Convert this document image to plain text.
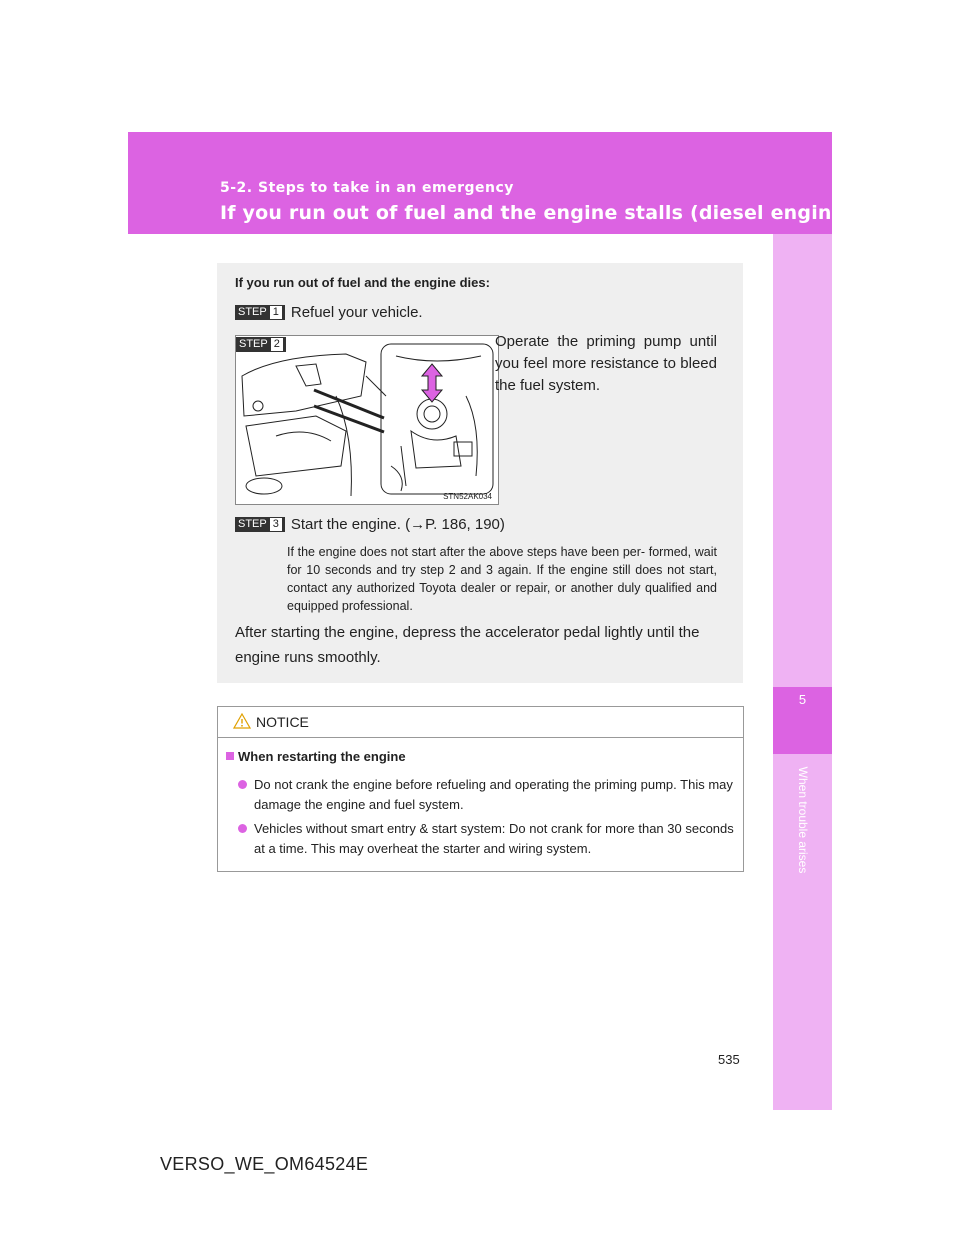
5-2. Steps to take in an emergency
If you run out of fuel and the engine stalls (diesel engine)
5
When trouble arises
If you run out of fuel and the engine dies:
STEP 1 Refuel your vehicle.
STEP 2
STN52AK034
Operate the priming pump until you feel more resistance to bleed the fuel system.
STEP 3 Start the engine. (→P. 186, 190)
If the engine does not start after the above steps have been per- formed, wait for 10 seconds and try step 2 and 3 again. If the engine still does not start, contact any authorized Toyota dealer or repair, or another duly qualified and equipped professional.
After starting the engine, depress the accelerator pedal lightly until the engine runs smoothly.
NOTICE
When restarting the engine
Do not crank the engine before refueling and operating the priming pump. This may damage the engine and fuel system.
Vehicles without smart entry & start system: Do not crank for more than 30 seconds at a time. This may overheat the starter and wiring system.
535
VERSO_WE_OM64524E
